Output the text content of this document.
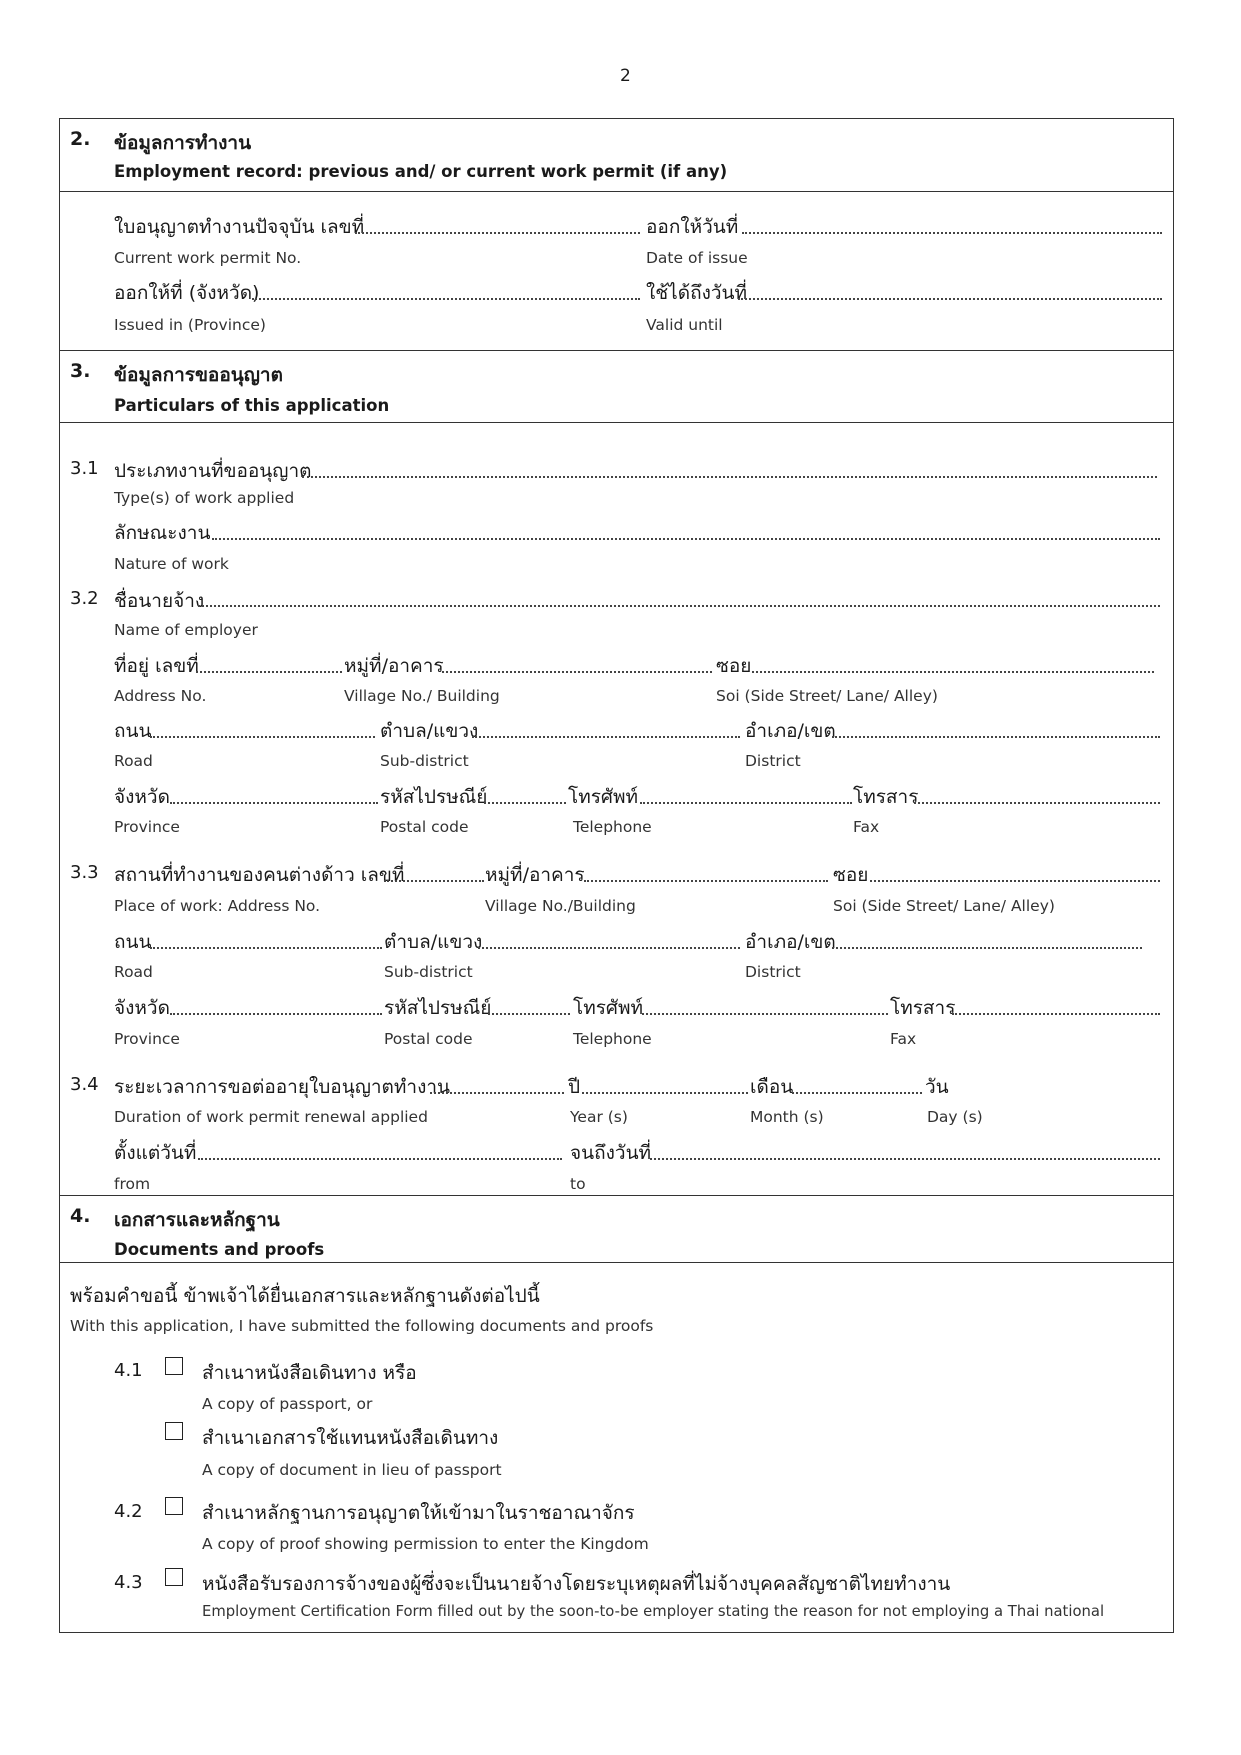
2
2. ข้อมูลการทำงาน
Employment record: previous and/ or current work permit (if any)
ใบอนุญาตทำงานปัจจุบัน เลขที่	ออกให้วันที่
Current work permit No.	Date of issue
ออกให้ที่ (จังหวัด)	ใช้ได้ถึงวันที่
Issued in (Province)	Valid until
3. ข้อมูลการขออนุญาต
Particulars of this application
3.1 ประเภทงานที่ขออนุญาต
Type(s) of work applied
ลักษณะงาน
Nature of work
3.2 ชื่อนายจ้าง
Name of employer
ที่อยู่ เลขที่	หมู่ที่/อาคาร	ซอย
Address No.	Village No./ Building	Soi (Side Street/ Lane/ Alley)
ถนน	ตำบล/แขวง	อำเภอ/เขต
Road	Sub-district	District
จังหวัด	รหัสไปรษณีย์	โทรศัพท์	โทรสาร
Province	Postal code	Telephone	Fax
3.3 สถานที่ทำงานของคนต่างด้าว เลขที่	หมู่ที่/อาคาร	ซอย
Place of work: Address No.	Village No./Building	Soi (Side Street/ Lane/ Alley)
ถนน	ตำบล/แขวง	อำเภอ/เขต
Road	Sub-district	District
จังหวัด	รหัสไปรษณีย์	โทรศัพท์	โทรสาร
Province	Postal code	Telephone	Fax
3.4 ระยะเวลาการขอต่ออายุใบอนุญาตทำงาน	ปี	เดือน	วัน
Duration of work permit renewal applied	Year (s)	Month (s)	Day (s)
ตั้งแต่วันที่	จนถึงวันที่
from	to
4. เอกสารและหลักฐาน
Documents and proofs
พร้อมคำขอนี้ ข้าพเจ้าได้ยื่นเอกสารและหลักฐานดังต่อไปนี้
With this application, I have submitted the following documents and proofs
4.1	สำเนาหนังสือเดินทาง หรือ
A copy of passport, or
สำเนาเอกสารใช้แทนหนังสือเดินทาง
A copy of document in lieu of passport
4.2	สำเนาหลักฐานการอนุญาตให้เข้ามาในราชอาณาจักร
A copy of proof showing permission to enter the Kingdom
4.3	หนังสือรับรองการจ้างของผู้ซึ่งจะเป็นนายจ้างโดยระบุเหตุผลที่ไม่จ้างบุคคลสัญชาติไทยทำงาน
Employment Certification Form filled out by the soon-to-be employer stating the reason for not employing a Thai national
